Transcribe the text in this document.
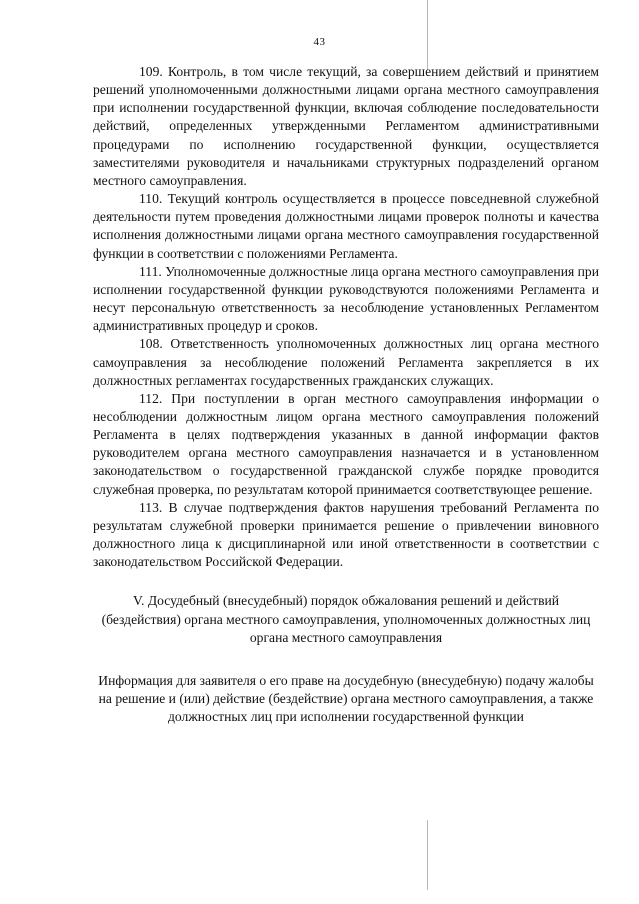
43

109. Контроль, в том числе текущий, за совершением действий и принятием решений уполномоченными должностными лицами органа местного самоуправления при исполнении государственной функции, включая соблюдение последовательности действий, определенных утвержденными Регламентом административными процедурами по исполнению государственной функции, осуществляется заместителями руководителя и начальниками структурных подразделений органом местного самоуправления.

110. Текущий контроль осуществляется в процессе повседневной служебной деятельности путем проведения должностными лицами проверок полноты и качества исполнения должностными лицами органа местного самоуправления государственной функции в соответствии с положениями Регламента.

111. Уполномоченные должностные лица органа местного самоуправления при исполнении государственной функции руководствуются положениями Регламента и несут персональную ответственность за несоблюдение установленных Регламентом административных процедур и сроков.

108. Ответственность уполномоченных должностных лиц органа местного самоуправления за несоблюдение положений Регламента закрепляется в их должностных регламентах государственных гражданских служащих.

112. При поступлении в орган местного самоуправления информации о несоблюдении должностным лицом органа местного самоуправления положений Регламента в целях подтверждения указанных в данной информации фактов руководителем органа местного самоуправления назначается и в установленном законодательством о государственной гражданской службе порядке проводится служебная проверка, по результатам которой принимается соответствующее решение.

113. В случае подтверждения фактов нарушения требований Регламента по результатам служебной проверки принимается решение о привлечении виновного должностного лица к дисциплинарной или иной ответственности в соответствии с законодательством Российской Федерации.

V. Досудебный (внесудебный) порядок обжалования решений и действий (бездействия) органа местного самоуправления, уполномоченных должностных лиц органа местного самоуправления

Информация для заявителя о его праве на досудебную (внесудебную) подачу жалобы на решение и (или) действие (бездействие) органа местного самоуправления, а также должностных лиц при исполнении государственной функции
